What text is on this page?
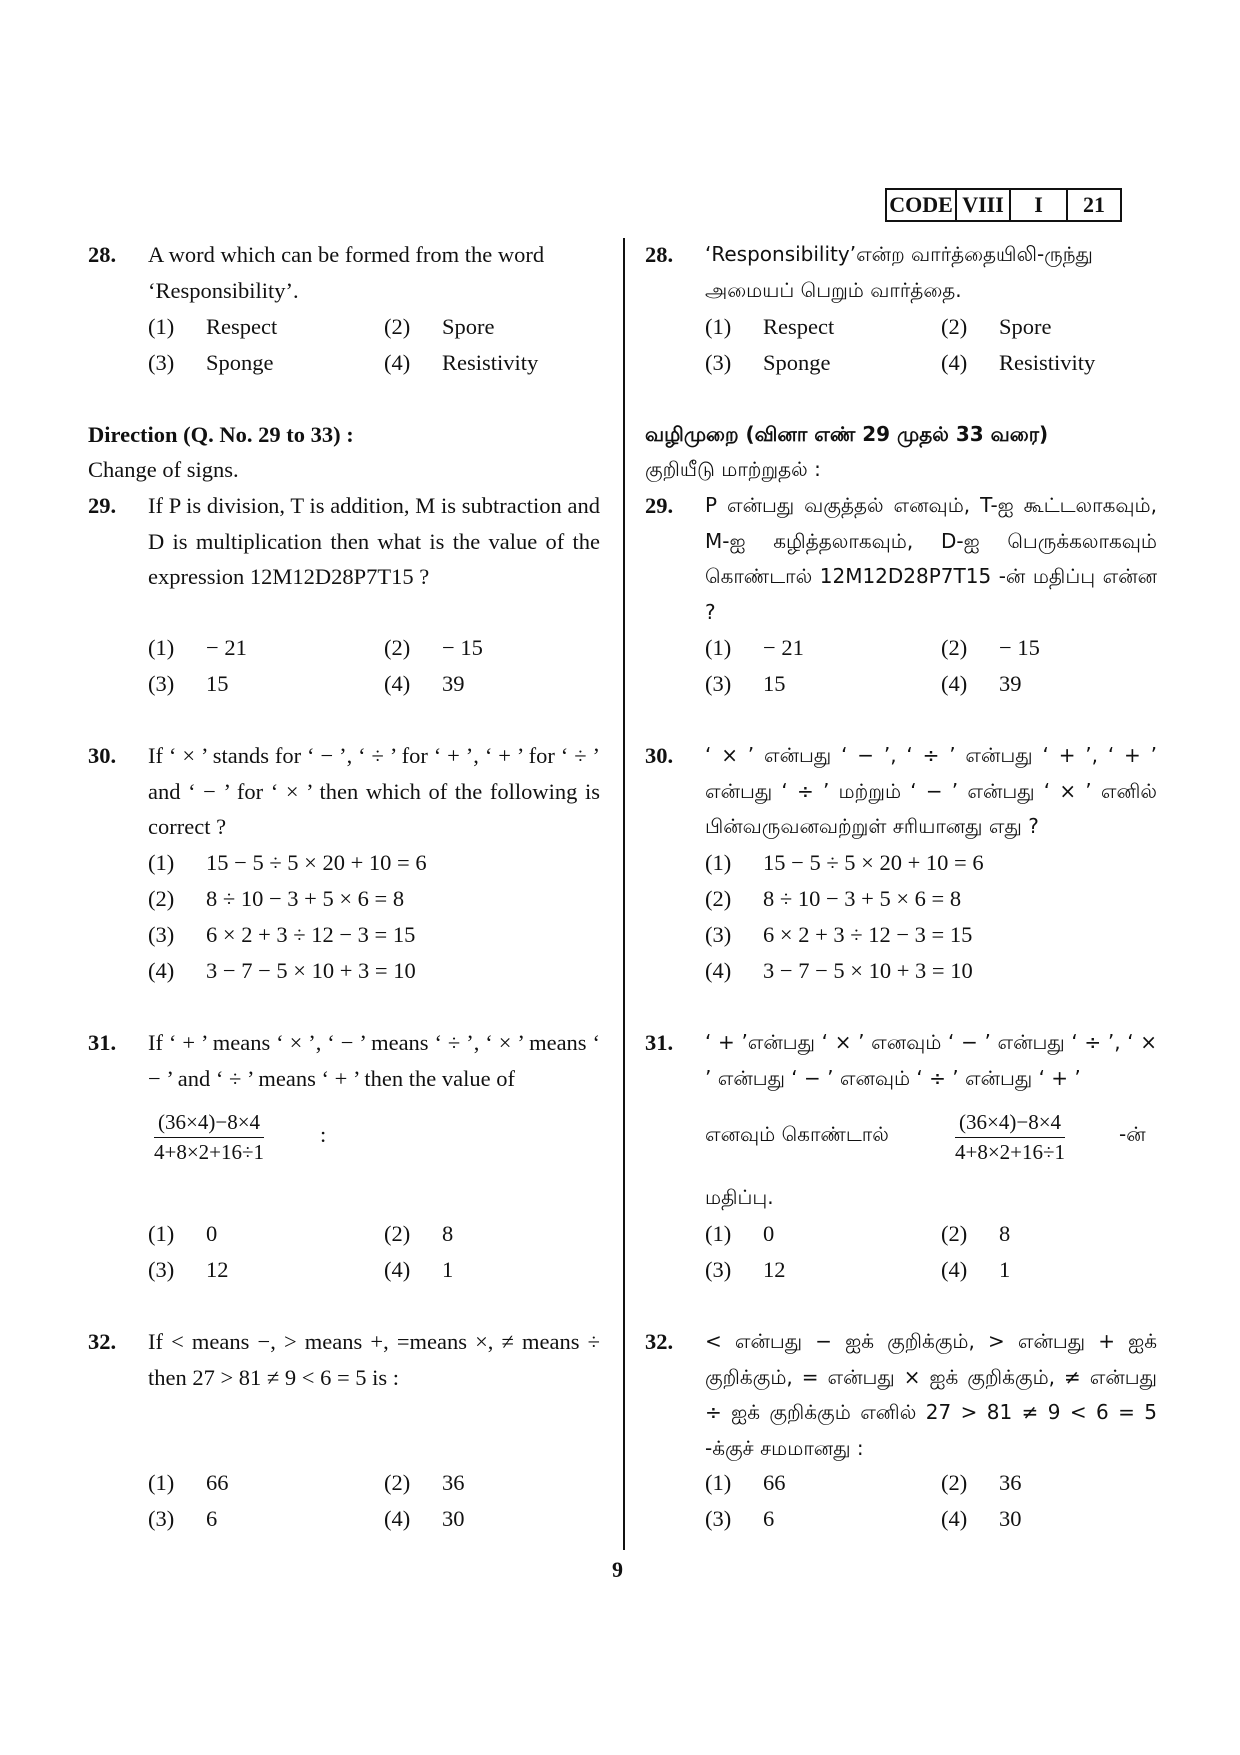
CODE VIII	I	21
28. A word which can be formed from the word ‘Responsibility’.
(1) Respect	(2) Spore
(3) Sponge	(4) Resistivity
Direction (Q. No. 29 to 33) :
Change of signs.
29. If P is division, T is addition, M is subtraction and D is multiplication then what is the value of the expression 12M12D28P7T15 ?
(1) − 21	(2) − 15
(3) 15	(4) 39
30. If ‘ × ’ stands for ‘ − ’, ‘ ÷ ’ for ‘ + ’, ‘ + ’ for ‘ ÷ ’ and ‘ − ’ for ‘ × ’ then which of the following is correct ?
(1) 15 − 5 ÷ 5 × 20 + 10 = 6
(2) 8 ÷ 10 − 3 + 5 × 6 = 8
(3) 6 × 2 + 3 ÷ 12 − 3 = 15
(4) 3 − 7 − 5 × 10 + 3 = 10
31. If ‘ + ’ means ‘ × ’, ‘ − ’ means ‘ ÷ ’, ‘ × ’ means ‘ − ’ and ‘ ÷ ’ means ‘ + ’ then the value of
$\frac{(36\times 4)-8\times 4}{4+8\times 2+16\div 1}$ :
(1) 0	(2) 8
(3) 12	(4) 1
32. If < means −, > means +, =means ×, ≠ means ÷ then 27 > 81 ≠ 9 < 6 = 5 is :
(1) 66	(2) 36
(3) 6	(4) 30
28. ‘Responsibility’என்ற வார்த்தையிலி-ருந்து அமையப் பெறும் வார்த்தை.
(1) Respect	(2) Spore
(3) Sponge	(4) Resistivity
வழிமுறை (வினா எண் 29 முதல் 33 வரை)
குறியீடு மாற்றுதல் :
29. P என்பது வகுத்தல் எனவும், T-ஐ கூட்டலாகவும், M-ஐ கழித்தலாகவும், D-ஐ பெருக்கலாகவும் கொண்டால் 12M12D28P7T15 -ன் மதிப்பு என்ன ?
(1) − 21	(2) − 15
(3) 15	(4) 39
30. ‘ × ’ என்பது ‘ − ’, ‘ ÷ ’ என்பது ‘ + ’, ‘ + ’ என்பது ‘ ÷ ’ மற்றும் ‘ − ’ என்பது ‘ × ’ எனில் பின்வருவனவற்றுள் சரியானது எது ?
(1) 15 − 5 ÷ 5 × 20 + 10 = 6
(2) 8 ÷ 10 − 3 + 5 × 6 = 8
(3) 6 × 2 + 3 ÷ 12 − 3 = 15
(4) 3 − 7 − 5 × 10 + 3 = 10
31. ‘ + ’என்பது ‘ × ’ எனவும் ‘ − ’ என்பது ‘ ÷ ’, ‘ × ’ என்பது ‘ − ’ எனவும் ‘ ÷ ’ என்பது ‘ + ’
எனவும் கொண்டால்	$\frac{(36\times 4)-8\times 4}{4+8\times 2+16\div 1}$ -ன்
மதிப்பு.
(1) 0	(2) 8
(3) 12	(4) 1
32. < என்பது − ஐக் குறிக்கும், > என்பது + ஐக் குறிக்கும், = என்பது × ஐக் குறிக்கும், ≠ என்பது ÷ ஐக் குறிக்கும் எனில் 27 > 81 ≠ 9 < 6 = 5 -க்குச் சமமானது :
(1) 66	(2) 36
(3) 6	(4) 30
9
